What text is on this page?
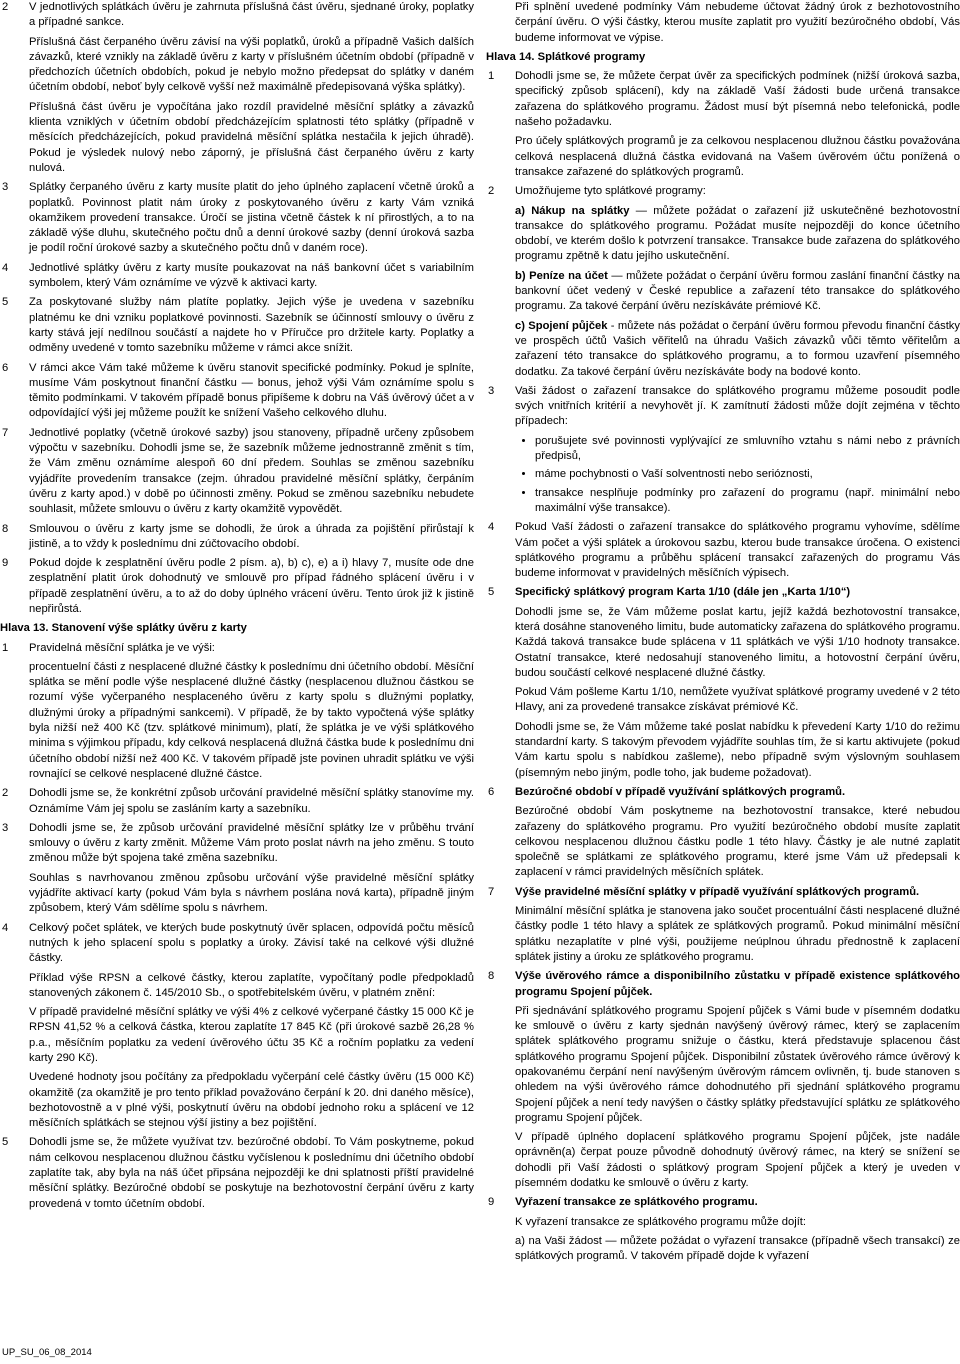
2 V jednotlivých splátkách úvěru je zahrnuta příslušná část úvěru, sjednané úroky, poplatky a případné sankce.

Příslušná část čerpaného úvěru závisí na výši poplatků, úroků a případně Vašich dalších závazků, které vznikly na základě úvěru z karty v příslušném účetním období (případně v předchozích účetních obdobích, pokud je nebylo možno předepsat do splátky v daném účetním období, neboť byly celkově vyšší než maximálně předepisovaná výška splátky).

Příslušná část úvěru je vypočítána jako rozdíl pravidelné měsíční splátky a závazků klienta vzniklých v účetním období předcházejícím splatnosti této splátky (případně v měsících předcházejících, pokud pravidelná měsíční splátka nestačila k jejich úhradě). Pokud je výsledek nulový nebo záporný, je příslušná část čerpaného úvěru z karty nulová.

3 Splátky čerpaného úvěru z karty musíte platit do jeho úplného zaplacení včetně úroků a poplatků. Povinnost platit nám úroky z poskytovaného úvěru z karty Vám vzniká okamžikem provedení transakce. Úročí se jistina včetně částek k ní přirostlých, a to na základě výše dluhu, skutečného počtu dnů a denní úrokové sazby (denní úroková sazba je podíl roční úrokové sazby a skutečného počtu dnů v daném roce).

4 Jednotlivé splátky úvěru z karty musíte poukazovat na náš bankovní účet s variabilním symbolem, který Vám oznámíme ve výzvě k aktivaci karty.

5 Za poskytované služby nám platíte poplatky. Jejich výše je uvedena v sazebníku platnému ke dni vzniku poplatkové povinnosti. Sazebník se účinností smlouvy o úvěru z karty stává její nedílnou součástí a najdete ho v Příručce pro držitele karty. Poplatky a odměny uvedené v tomto sazebníku můžeme v rámci akce snížit.

6 V rámci akce Vám také můžeme k úvěru stanovit specifické podmínky. Pokud je splníte, musíme Vám poskytnout finanční částku — bonus, jehož výši Vám oznámíme spolu s těmito podmínkami. V takovém případě bonus připíšeme k dobru na Váš úvěrový účet a v odpovídající výši jej můžeme použít ke snížení Vašeho celkového dluhu.

7 Jednotlivé poplatky (včetně úrokové sazby) jsou stanoveny, případně určeny způsobem výpočtu v sazebníku. Dohodli jsme se, že sazebník můžeme jednostranně změnit s tím, že Vám změnu oznámíme alespoň 60 dní předem. Souhlas se změnou sazebníku vyjádříte provedením transakce (zejm. úhradou pravidelné měsíční splátky, čerpáním úvěru z karty apod.) v době po účinnosti změny. Pokud se změnou sazebníku nebudete souhlasit, můžete smlouvu o úvěru z karty okamžitě vypovědět.

8 Smlouvou o úvěru z karty jsme se dohodli, že úrok a úhrada za pojištění přirůstají k jistině, a to vždy k poslednímu dni zúčtovacího období.

9 Pokud dojde k zesplatnění úvěru podle 2 písm. a), b) c), e) a i) hlavy 7, musíte ode dne zesplatnění platit úrok dohodnutý ve smlouvě pro případ řádného splácení úvěru i v případě zesplatnění úvěru, a to až do doby úplného vrácení úvěru. Tento úrok již k jistině nepřirůstá.

Hlava 13. Stanovení výše splátky úvěru z karty
1 Pravidelná měsíční splátka je ve výši:

procentuelní části z nesplacené dlužné částky k poslednímu dni účetního období. Měsíční splátka se mění podle výše nesplacené dlužné částky (nesplacenou dlužnou částkou se rozumí výše vyčerpaného nesplaceného úvěru z karty spolu s dlužnými poplatky, dlužnými úroky a případnými sankcemi). V případě, že by takto vypočtená výše splátky byla nižší než 400 Kč (tzv. splátkové minimum), platí, že splátka je ve výši splátkového minima s výjimkou případu, kdy celková nesplacená dlužná částka bude k poslednímu dni účetního období nižší než 400 Kč. V takovém případě jste povinen uhradit splátku ve výši rovnající se celkové nesplacené dlužné částce.

2 Dohodli jsme se, že konkrétní způsob určování pravidelné měsíční splátky stanovíme my. Oznámíme Vám jej spolu se zasláním karty a sazebníku.

3 Dohodli jsme se, že způsob určování pravidelné měsíční splátky lze v průběhu trvání smlouvy o úvěru z karty změnit. Můžeme Vám proto poslat návrh na jeho změnu. S touto změnou může být spojena také změna sazebníku.

Souhlas s navrhovanou změnou způsobu určování výše pravidelné měsíční splátky vyjádříte aktivací karty (pokud Vám byla s návrhem poslána nová karta), případně jiným způsobem, který Vám sdělíme spolu s návrhem.

4 Celkový počet splátek, ve kterých bude poskytnutý úvěr splacen, odpovídá počtu měsíců nutných k jeho splacení spolu s poplatky a úroky. Závisí také na celkové výši dlužné částky.

Příklad výše RPSN a celkové částky, kterou zaplatíte, vypočítaný podle předpokladů stanovených zákonem č. 145/2010 Sb., o spotřebitelském úvěru, v platném znění:

V případě pravidelné měsíční splátky ve výši 4% z celkové vyčerpané částky 15 000 Kč je RPSN 41,52 % a celková částka, kterou zaplatíte 17 845 Kč (při úrokové sazbě 26,28 % p.a., měsíčním poplatku za vedení úvěrového účtu 35 Kč a ročním poplatku za vedení karty 290 Kč).

Uvedené hodnoty jsou počítány za předpokladu vyčerpání celé částky úvěru (15 000 Kč) okamžitě (za okamžitě je pro tento příklad považováno čerpání k 20. dni daného měsíce), bezhotovostně a v plné výši, poskytnutí úvěru na období jednoho roku a splácení ve 12 měsíčních splátkách se stejnou výší jistiny a bez pojištění.

5 Dohodli jsme se, že můžete využívat tzv. bezúročné období. To Vám poskytneme, pokud nám celkovou nesplacenou dlužnou částku vyčíslenou k poslednímu dni účetního období zaplatíte tak, aby byla na náš účet připsána nejpozději ke dni splatnosti příští pravidelné měsíční splátky. Bezúročné období se poskytuje na bezhotovostní čerpání úvěru z karty provedená v tomto účetním období.

Při splnění uvedené podmínky Vám nebudeme účtovat žádný úrok z bezhotovostního čerpání úvěru. O výši částky, kterou musíte zaplatit pro využití bezúročného období, Vás budeme informovat ve výpise.

Hlava 14. Splátkové programy
1 Dohodli jsme se, že můžete čerpat úvěr za specifických podmínek (nižší úroková sazba, specifický způsob splácení), kdy na základě Vaší žádosti bude určená transakce zařazena do splátkového programu. Žádost musí být písemná nebo telefonická, podle našeho požadavku.

Pro účely splátkových programů je za celkovou nesplacenou dlužnou částku považována celková nesplacená dlužná částka evidovaná na Vašem úvěrovém účtu ponížená o transakce zařazené do splátkových programů.

2 Umožňujeme tyto splátkové programy:

a) Nákup na splátky — můžete požádat o zařazení již uskutečněné bezhotovostní transakce do splátkového programu. Požádat musíte nejpozději do konce účetního období, ve kterém došlo k potvrzení transakce. Transakce bude zařazena do splátkového programu zpětně k datu jejího uskutečnění.

b) Peníze na účet — můžete požádat o čerpání úvěru formou zaslání finanční částky na bankovní účet vedený v České republice a zařazení této transakce do splátkového programu. Za takové čerpání úvěru nezískáváte prémiové Kč.

c) Spojení půjček - můžete nás požádat o čerpání úvěru formou převodu finanční částky ve prospěch účtů Vašich věřitelů na úhradu Vašich závazků vůči těmto věřitelům a zařazení této transakce do splátkového programu, a to formou uzavření písemného dodatku. Za takové čerpání úvěru nezískáváte body na bodové konto.

3 Vaši žádost o zařazení transakce do splátkového programu můžeme posoudit podle svých vnitřních kritérií a nevyhovět jí. K zamítnutí žádosti může dojít zejména v těchto případech:

• porušujete své povinnosti vyplývající ze smluvního vztahu s námi nebo z právních předpisů,
• máme pochybnosti o Vaší solventnosti nebo serióznosti,
• transakce nesplňuje podmínky pro zařazení do programu (např. minimální nebo maximální výše transakce).
4 Pokud Vaší žádosti o zařazení transakce do splátkového programu vyhovíme, sdělíme Vám počet a výši splátek a úrokovou sazbu, kterou bude transakce úročena. O existenci splátkového programu a průběhu splácení transakcí zařazených do programu Vás budeme informovat v pravidelných měsíčních výpisech.

5 Specifický splátkový program Karta 1/10 (dále jen „Karta 1/10“)

Dohodli jsme se, že Vám můžeme poslat kartu, jejíž každá bezhotovostní transakce, která dosáhne stanoveného limitu, bude automaticky zařazena do splátkového programu. Každá taková transakce bude splácena v 11 splátkách ve výši 1/10 hodnoty transakce. Ostatní transakce, které nedosahují stanoveného limitu, a hotovostní čerpání úvěru, budou součástí celkové nesplacené dlužné částky.

Pokud Vám pošleme Kartu 1/10, nemůžete využívat splátkové programy uvedené v 2 této Hlavy, ani za provedené transakce získávat prémiové Kč.

Dohodli jsme se, že Vám můžeme také poslat nabídku k převedení Karty 1/10 do režimu standardní karty. S takovým převodem vyjádříte souhlas tím, že si kartu aktivujete (pokud Vám kartu spolu s nabídkou zašleme), nebo případně svým výslovným souhlasem (písemným nebo jiným, podle toho, jak budeme požadovat).

6 Bezúročné období v případě využívání splátkových programů.

Bezúročné období Vám poskytneme na bezhotovostní transakce, které nebudou zařazeny do splátkového programu. Pro využití bezúročného období musíte zaplatit celkovou nesplacenou dlužnou částku podle 1 této hlavy. Částky je ale nutné zaplatit společně se splátkami ze splátkového programu, které jsme Vám už předepsali k zaplacení v rámci pravidelných měsíčních splátek.

7 Výše pravidelné měsíční splátky v případě využívání splátkových programů.

Minimální měsíční splátka je stanovena jako součet procentuální části nesplacené dlužné částky podle 1 této hlavy a splátek ze splátkových programů. Pokud minimální měsíční splátku nezaplatíte v plné výši, použijeme neúplnou úhradu přednostně k zaplacení splátek jistiny a úroku ze splátkového programu.

8 Výše úvěrového rámce a disponibilního zůstatku v případě existence splátkového programu Spojení půjček.

Při sjednávání splátkového programu Spojení půjček s Vámi bude v písemném dodatku ke smlouvě o úvěru z karty sjednán navýšený úvěrový rámec, který se zaplacením splátek splátkového programu snižuje o částku, která představuje splacenou část splátkového programu Spojení půjček. Disponibilní zůstatek úvěrového rámce úvěrový k opakovanému čerpání není navýšeným úvěrovým rámcem ovlivněn, tj. bude stanoven s ohledem na výši úvěrového rámce dohodnutého při sjednání splátkového programu Spojení půjček a není tedy navýšen o částky splátky představující splátku ze splátkového programu Spojení půjček.

V případě úplného doplacení splátkového programu Spojení půjček, jste nadále oprávněn(a) čerpat pouze původně dohodnutý úvěrový rámec, na který se snížení se dohodli při Vaší žádosti o splátkový program Spojení půjček a který je uveden v písemném dodatku ke smlouvě o úvěru z karty.

9 Vyřazení transakce ze splátkového programu.

K vyřazení transakce ze splátkového programu může dojít:

a) na Vaši žádost — můžete požádat o vyřazení transakce (případně všech transakcí) ze splátkových programů. V takovém případě dojde k vyřazení

UP_SU_06_08_2014
